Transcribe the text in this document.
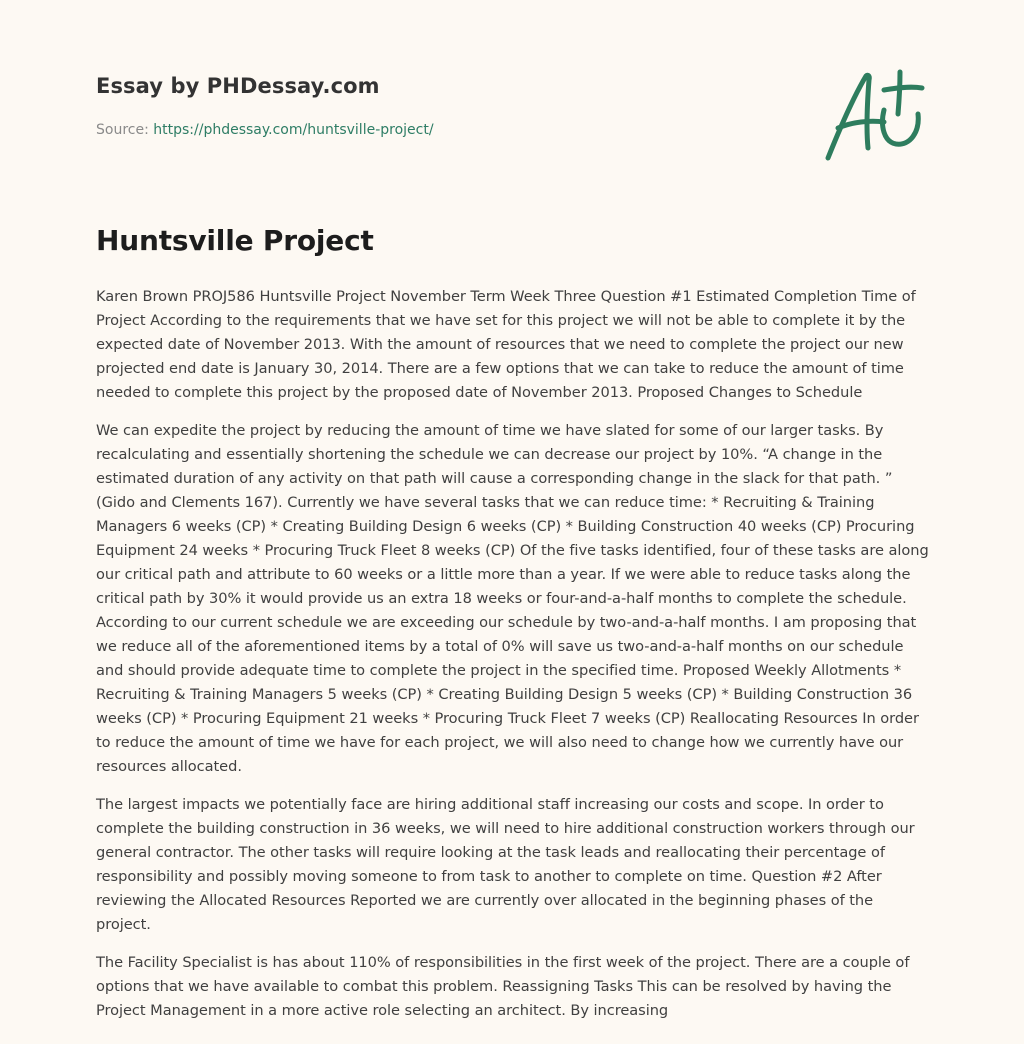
Essay by PHDessay.com
Source: https://phdessay.com/huntsville-project/
Huntsville Project

Karen Brown PROJ586 Huntsville Project November Term Week Three Question #1 Estimated Completion Time of Project According to the requirements that we have set for this project we will not be able to complete it by the expected date of November 2013. With the amount of resources that we need to complete the project our new projected end date is January 30, 2014. There are a few options that we can take to reduce the amount of time needed to complete this project by the proposed date of November 2013. Proposed Changes to Schedule

We can expedite the project by reducing the amount of time we have slated for some of our larger tasks. By recalculating and essentially shortening the schedule we can decrease our project by 10%. “A change in the estimated duration of any activity on that path will cause a corresponding change in the slack for that path. ” (Gido and Clements 167). Currently we have several tasks that we can reduce time: * Recruiting & Training Managers 6 weeks (CP) * Creating Building Design 6 weeks (CP) * Building Construction 40 weeks (CP) Procuring Equipment 24 weeks * Procuring Truck Fleet 8 weeks (CP) Of the five tasks identified, four of these tasks are along our critical path and attribute to 60 weeks or a little more than a year. If we were able to reduce tasks along the critical path by 30% it would provide us an extra 18 weeks or four-and-a-half months to complete the schedule. According to our current schedule we are exceeding our schedule by two-and-a-half months. I am proposing that we reduce all of the aforementioned items by a total of 0% will save us two-and-a-half months on our schedule and should provide adequate time to complete the project in the specified time. Proposed Weekly Allotments * Recruiting & Training Managers 5 weeks (CP) * Creating Building Design 5 weeks (CP) * Building Construction 36 weeks (CP) * Procuring Equipment 21 weeks * Procuring Truck Fleet 7 weeks (CP) Reallocating Resources In order to reduce the amount of time we have for each project, we will also need to change how we currently have our resources allocated.

The largest impacts we potentially face are hiring additional staff increasing our costs and scope. In order to complete the building construction in 36 weeks, we will need to hire additional construction workers through our general contractor. The other tasks will require looking at the task leads and reallocating their percentage of responsibility and possibly moving someone to from task to another to complete on time. Question #2 After reviewing the Allocated Resources Reported we are currently over allocated in the beginning phases of the project.

The Facility Specialist is has about 110% of responsibilities in the first week of the project. There are a couple of options that we have available to combat this problem. Reassigning Tasks This can be resolved by having the Project Management in a more active role selecting an architect. By increasing
